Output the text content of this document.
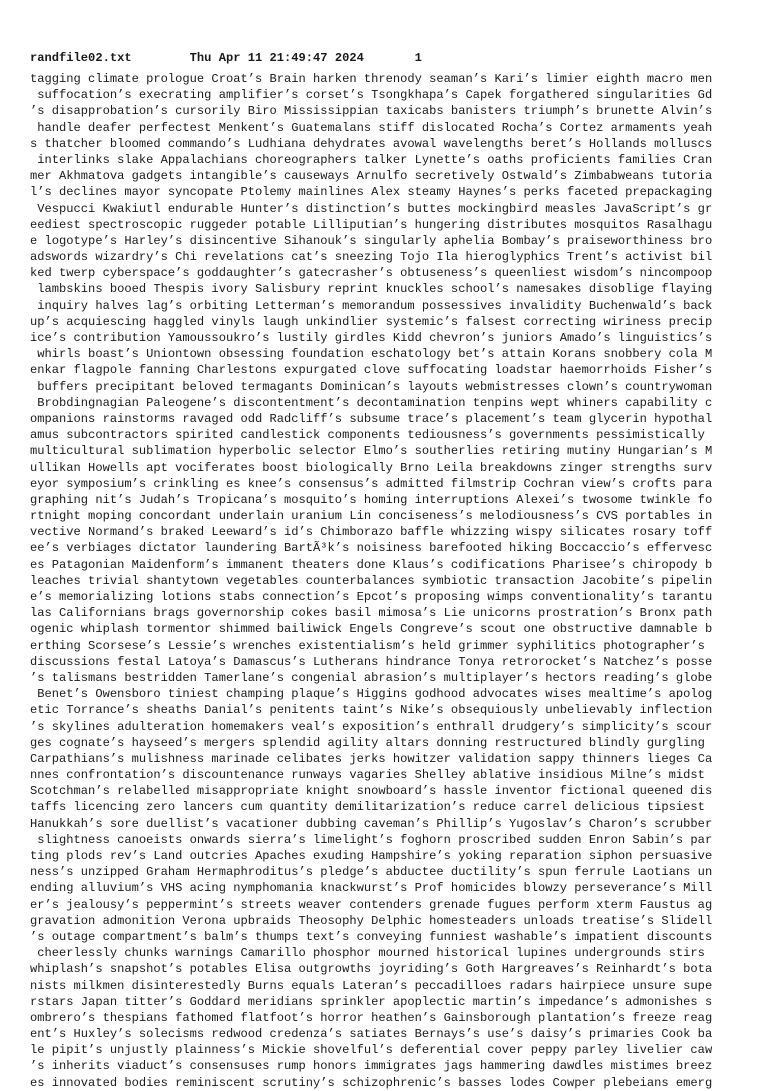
randfile02.txt	Thu Apr 11 21:49:47 2024	1
tagging climate prologue Croat’s Brain harken threnody seaman’s Kari’s limier eighth macro men
suffocation’s execrating amplifier’s corset’s Tsongkhapa’s Capek forgathered singularities Gd
’s disapprobation’s cursorily Biro Mississippian taxicabs banisters triumph’s brunette Alvin’s
handle deafer perfectest Menkent’s Guatemalans stiff dislocated Rocha’s Cortez armaments yeah
s thatcher bloomed commando’s Ludhiana dehydrates avowal wavelengths beret’s Hollands molluscs
interlinks slake Appalachians choreographers talker Lynette’s oaths proficients families Cran
mer Akhmatova gadgets intangible’s causeways Arnulfo secretively Ostwald’s Zimbabweans tutoria
l’s declines mayor syncopate Ptolemy mainlines Alex steamy Haynes’s perks faceted prepackaging
Vespucci Kwakiutl endurable Hunter’s distinction’s buttes mockingbird measles JavaScript’s gr
eediest spectroscopic ruggeder potable Lilliputian’s hungering distributes mosquitos Rasalhagu
e logotype’s Harley’s disincentive Sihanouk’s singularly aphelia Bombay’s praiseworthiness bro
adswords wizardry’s Chi revelations cat’s sneezing Tojo Ila hieroglyphics Trent’s activist bil
ked twerp cyberspace’s goddaughter’s gatecrasher’s obtuseness’s queenliest wisdom’s nincompoop
lambskins booed Thespis ivory Salisbury reprint knuckles school’s namesakes disoblige flaying
inquiry halves lag’s orbiting Letterman’s memorandum possessives invalidity Buchenwald’s back
up’s acquiescing haggled vinyls laugh unkindlier systemic’s falsest correcting wiriness precip
ice’s contribution Yamoussoukro’s lustily girdles Kidd chevron’s juniors Amado’s linguistics’s
whirls boast’s Uniontown obsessing foundation eschatology bet’s attain Korans snobbery cola M
enkar flagpole fanning Charlestons expurgated clove suffocating loadstar haemorrhoids Fisher’s
buffers precipitant beloved termagants Dominican’s layouts webmistresses clown’s countrywoman
Brobdingnagian Paleogene’s discontentment’s decontamination tenpins wept whiners capability c
ompanions rainstorms ravaged odd Radcliff’s subsume trace’s placement’s team glycerin hypothal
amus subcontractors spirited candlestick components tediousness’s governments pessimistically
multicultural sublimation hyperbolic selector Elmo’s southerlies retiring mutiny Hungarian’s M
ullikan Howells apt vociferates boost biologically Brno Leila breakdowns zinger strengths surv
eyor symposium’s crinkling es knee’s consensus’s admitted filmstrip Cochran view’s crofts para
graphing nit’s Judah’s Tropicana’s mosquito’s homing interruptions Alexei’s twosome twinkle fo
rtnight moping concordant underlain uranium Lin conciseness’s melodiousness’s CVS portables in
vective Normand’s braked Leeward’s id’s Chimborazo baffle whizzing wispy silicates rosary toff
ee’s verbiages dictator laundering BartÃ³k’s noisiness barefooted hiking Boccaccio’s effervesc
es Patagonian Maidenform’s immanent theaters done Klaus’s codifications Pharisee’s chiropody b
leaches trivial shantytown vegetables counterbalances symbiotic transaction Jacobite’s pipelin
e’s memorializing lotions stabs connection’s Epcot’s proposing wimps conventionality’s tarantu
las Californians brags governorship cokes basil mimosa’s Lie unicorns prostration’s Bronx path
ogenic whiplash tormentor shimmed bailiwick Engels Congreve’s scout one obstructive damnable b
erthing Scorsese’s Lessie’s wrenches existentialism’s held grimmer syphilitics photographer’s
discussions festal Latoya’s Damascus’s Lutherans hindrance Tonya retrorocket’s Natchez’s posse
’s talismans bestridden Tamerlane’s congenial abrasion’s multiplayer’s hectors reading’s globe
Benet’s Owensboro tiniest champing plaque’s Higgins godhood advocates wises mealtime’s apolog
etic Torrance’s sheaths Danial’s penitents taint’s Nike’s obsequiously unbelievably inflection
’s skylines adulteration homemakers veal’s exposition’s enthrall drudgery’s simplicity’s scour
ges cognate’s hayseed’s mergers splendid agility altars donning restructured blindly gurgling
Carpathians’s mulishness marinade celibates jerks howitzer validation sappy thinners lieges Ca
nnes confrontation’s discountenance runways vagaries Shelley ablative insidious Milne’s midst
Scotchman’s relabelled misappropriate knight snowboard’s hassle inventor fictional queened dis
taffs licencing zero lancers cum quantity demilitarization’s reduce carrel delicious tipsiest
Hanukkah’s sore duellist’s vacationer dubbing caveman’s Phillip’s Yugoslav’s Charon’s scrubber
slightness canoeists onwards sierra’s limelight’s foghorn proscribed sudden Enron Sabin’s par
ting plods rev’s Land outcries Apaches exuding Hampshire’s yoking reparation siphon persuasive
ness’s unzipped Graham Hermaphroditus’s pledge’s abductee ductility’s spun ferrule Laotians un
ending alluvium’s VHS acing nymphomania knackwurst’s Prof homicides blowzy perseverance’s Mill
er’s jealousy’s peppermint’s streets weaver contenders grenade fugues perform xterm Faustus ag
gravation admonition Verona upbraids Theosophy Delphic homesteaders unloads treatise’s Slidell
’s outage compartment’s balm’s thumps text’s conveying funniest washable’s impatient discounts
cheerlessly chunks warnings Camarillo phosphor mourned historical lupines undergrounds stirs
whiplash’s snapshot’s potables Elisa outgrowths joyriding’s Goth Hargreaves’s Reinhardt’s bota
nists milkmen disinterestedly Burns equals Lateran’s peccadilloes radars hairpiece unsure supe
rstars Japan titter’s Goddard meridians sprinkler apoplectic martin’s impedance’s admonishes s
ombrero’s thespians fathomed flatfoot’s horror heathen’s Gainsborough plantation’s freeze reag
ent’s Huxley’s solecisms redwood credenza’s satiates Bernays’s use’s daisy’s primaries Cook ba
le pipit’s unjustly plainness’s Mickie shovelful’s deferential cover peppy parley livelier caw
’s inherits viaduct’s consensuses rump honors immigrates jags hammering dawdles mistimes breez
es innovated bodies reminiscent scrutiny’s schizophrenic’s basses lodes Cowper plebeians emerg
